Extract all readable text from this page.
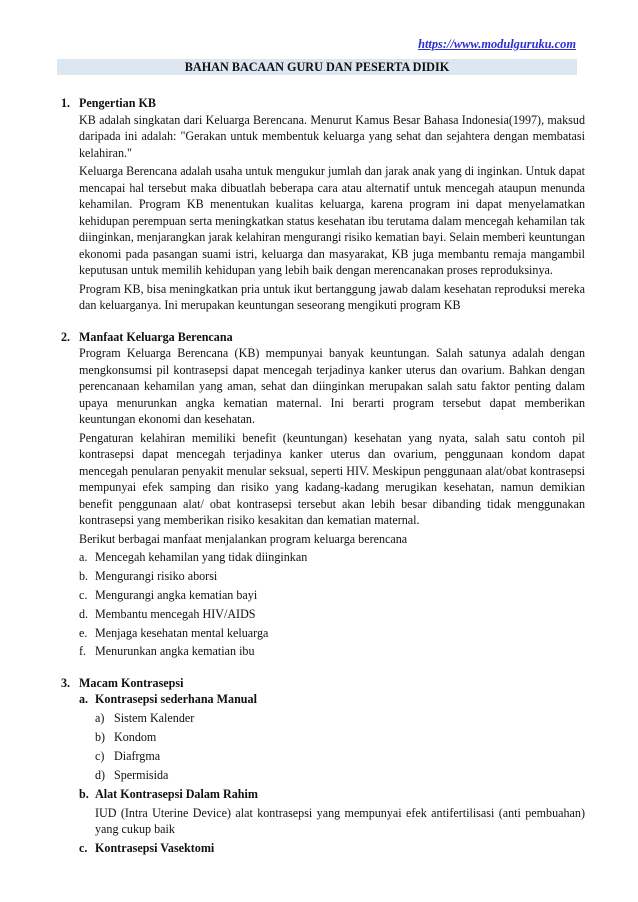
https://www.modulguruku.com
BAHAN BACAAN GURU DAN PESERTA DIDIK
1. Pengertian KB

KB adalah singkatan dari Keluarga Berencana. Menurut Kamus Besar Bahasa Indonesia(1997), maksud daripada ini adalah: "Gerakan untuk membentuk keluarga yang sehat dan sejahtera dengan membatasi kelahiran."

Keluarga Berencana adalah usaha untuk mengukur jumlah dan jarak anak yang di inginkan. Untuk dapat mencapai hal tersebut maka dibuatlah beberapa cara atau alternatif untuk mencegah ataupun menunda kehamilan. Program KB menentukan kualitas keluarga, karena program ini dapat menyelamatkan kehidupan perempuan serta meningkatkan status kesehatan ibu terutama dalam mencegah kehamilan tak diinginkan, menjarangkan jarak kelahiran mengurangi risiko kematian bayi. Selain memberi keuntungan ekonomi pada pasangan suami istri, keluarga dan masyarakat, KB juga membantu remaja mangambil keputusan untuk memilih kehidupan yang lebih baik dengan merencanakan proses reproduksinya.

Program KB, bisa meningkatkan pria untuk ikut bertanggung jawab dalam kesehatan reproduksi mereka dan keluarganya. Ini merupakan keuntungan seseorang mengikuti program KB

2. Manfaat Keluarga Berencana

Program Keluarga Berencana (KB) mempunyai banyak keuntungan. Salah satunya adalah dengan mengkonsumsi pil kontrasepsi dapat mencegah terjadinya kanker uterus dan ovarium. Bahkan dengan perencanaan kehamilan yang aman, sehat dan diinginkan merupakan salah satu faktor penting dalam upaya menurunkan angka kematian maternal. Ini berarti program tersebut dapat memberikan keuntungan ekonomi dan kesehatan.

Pengaturan kelahiran memiliki benefit (keuntungan) kesehatan yang nyata, salah satu contoh pil kontrasepsi dapat mencegah terjadinya kanker uterus dan ovarium, penggunaan kondom dapat mencegah penularan penyakit menular seksual, seperti HIV. Meskipun penggunaan alat/obat kontrasepsi mempunyai efek samping dan risiko yang kadang-kadang merugikan kesehatan, namun demikian benefit penggunaan alat/ obat kontrasepsi tersebut akan lebih besar dibanding tidak menggunakan kontrasepsi yang memberikan risiko kesakitan dan kematian maternal.

Berikut berbagai manfaat menjalankan program keluarga berencana

a. Mencegah kehamilan yang tidak diinginkan
b. Mengurangi risiko aborsi
c. Mengurangi angka kematian bayi
d. Membantu mencegah HIV/AIDS
e. Menjaga kesehatan mental keluarga
f. Menurunkan angka kematian ibu
3. Macam Kontrasepsi
a. Kontrasepsi sederhana Manual
a) Sistem Kalender
b) Kondom
c) Diafrgma
d) Spermisida
b. Alat Kontrasepsi Dalam Rahim

IUD (Intra Uterine Device) alat kontrasepsi yang mempunyai efek antifertilisasi (anti pembuahan) yang cukup baik

c. Kontrasepsi Vasektomi
